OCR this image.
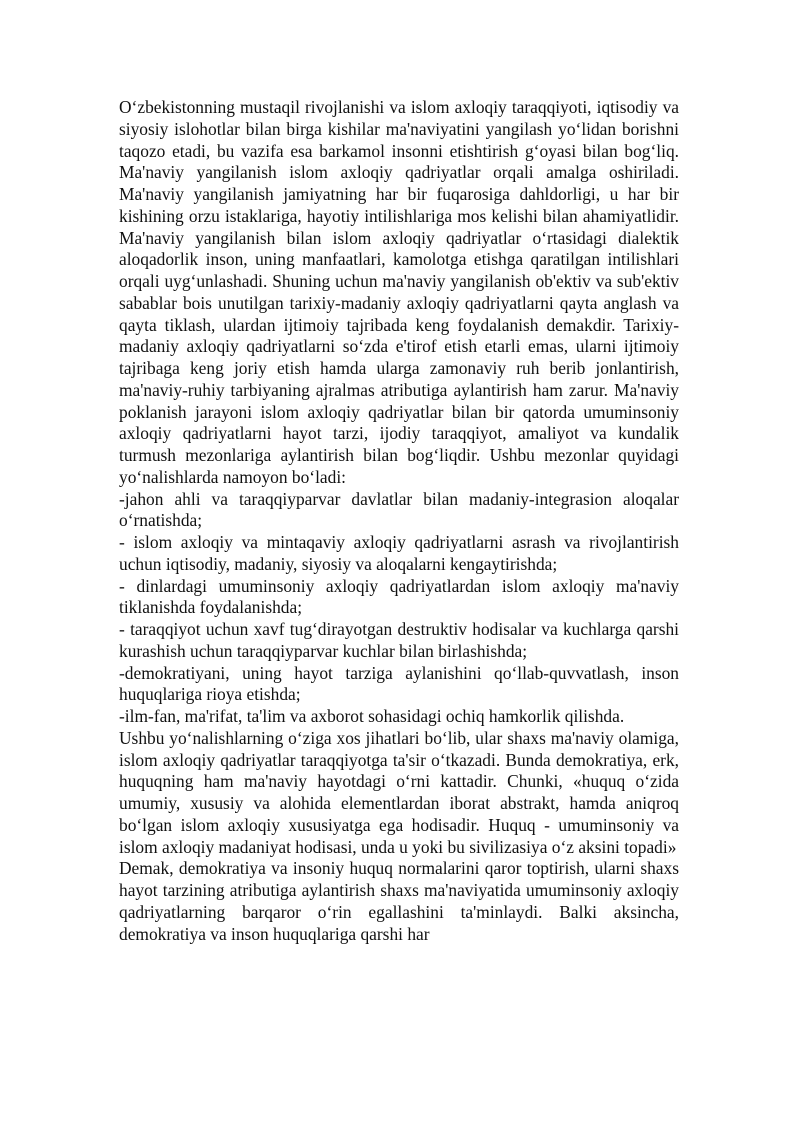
Oʻzbekistonning mustaqil rivojlanishi va islom axloqiy taraqqiyoti, iqtisodiy va siyosiy islohotlar bilan birga kishilar ma'naviyatini yangilash yoʻlidan borishni taqozo etadi, bu vazifa esa barkamol insonni etishtirish gʻoyasi bilan bogʻliq. Ma'naviy yangilanish islom axloqiy qadriyatlar orqali amalga oshiriladi. Ma'naviy yangilanish jamiyatning har bir fuqarosiga dahldorligi, u har bir kishining orzu istaklariga, hayotiy intilishlariga mos kelishi bilan ahamiyatlidir. Ma'naviy yangilanish bilan islom axloqiy qadriyatlar oʻrtasidagi dialektik aloqadorlik inson, uning manfaatlari, kamolotga etishga qaratilgan intilishlari orqali uygʻunlashadi. Shuning uchun ma'naviy yangilanish ob'ektiv va sub'ektiv sabablar bois unutilgan tarixiy-madaniy axloqiy qadriyatlarni qayta anglash va qayta tiklash, ulardan ijtimoiy tajribada keng foydalanish demakdir. Tarixiy-madaniy axloqiy qadriyatlarni soʻzda e'tirof etish etarli emas, ularni ijtimoiy tajribaga keng joriy etish hamda ularga zamonaviy ruh berib jonlantirish, ma'naviy-ruhiy tarbiyaning ajralmas atributiga aylantirish ham zarur. Ma'naviy poklanish jarayoni islom axloqiy qadriyatlar bilan bir qatorda umuminsoniy axloqiy qadriyatlarni hayot tarzi, ijodiy taraqqiyot, amaliyot va kundalik turmush mezonlariga aylantirish bilan bogʻliqdir. Ushbu mezonlar quyidagi yoʻnalishlarda namoyon boʻladi:

-jahon ahli va taraqqiyparvar davlatlar bilan madaniy-integrasion aloqalar oʻrnatishda;

- islom axloqiy va mintaqaviy axloqiy qadriyatlarni asrash va rivojlantirish uchun iqtisodiy, madaniy, siyosiy va aloqalarni kengaytirishda;

- dinlardagi umuminsoniy axloqiy qadriyatlardan islom axloqiy ma'naviy tiklanishda foydalanishda;

- taraqqiyot uchun xavf tugʻdirayotgan destruktiv hodisalar va kuchlarga qarshi kurashish uchun taraqqiyparvar kuchlar bilan birlashishda;

-demokratiyani, uning hayot tarziga aylanishini qoʻllab-quvvatlash, inson huquqlariga rioya etishda;

-ilm-fan, ma'rifat, ta'lim va axborot sohasidagi ochiq hamkorlik qilishda.

Ushbu yoʻnalishlarning oʻziga xos jihatlari boʻlib, ular shaxs ma'naviy olamiga, islom axloqiy qadriyatlar taraqqiyotga ta'sir oʻtkazadi. Bunda demokratiya, erk, huquqning ham ma'naviy hayotdagi oʻrni kattadir. Chunki, «huquq oʻzida umumiy, xususiy va alohida elementlardan iborat abstrakt, hamda aniqroq boʻlgan islom axloqiy xususiyatga ega hodisadir. Huquq - umuminsoniy va islom axloqiy madaniyat hodisasi, unda u yoki bu sivilizasiya oʻz aksini topadi»

Demak, demokratiya va insoniy huquq normalarini qaror toptirish, ularni shaxs hayot tarzining atributiga aylantirish shaxs ma'naviyatida umuminsoniy axloqiy qadriyatlarning barqaror oʻrin egallashini ta'minlaydi. Balki aksincha, demokratiya va inson huquqlariga qarshi har
